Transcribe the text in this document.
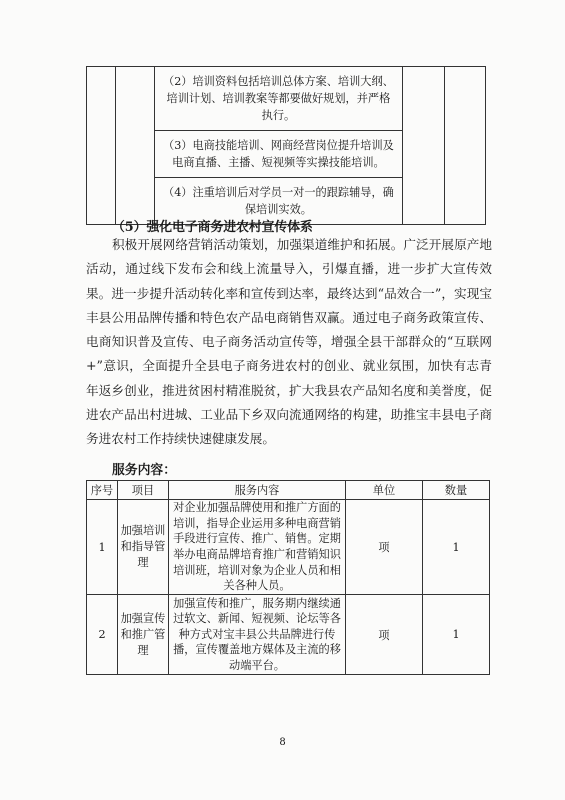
		（2）培训资料包括培训总体方案、培训大纲、培训计划、培训教案等都要做好规划，并严格执行。		
（3）电商技能培训、网商经营岗位提升培训及电商直播、主播、短视频等实操技能培训。
（4）注重培训后对学员一对一的跟踪辅导，确保培训实效。
（5）强化电子商务进农村宣传体系
积极开展网络营销活动策划，加强渠道维护和拓展。广泛开展原产地活动，通过线下发布会和线上流量导入，引爆直播，进一步扩大宣传效果。进一步提升活动转化率和宣传到达率，最终达到“品效合一”，实现宝丰县公用品牌传播和特色农产品电商销售双赢。通过电子商务政策宣传、电商知识普及宣传、电子商务活动宣传等，增强全县干部群众的“互联网+”意识，全面提升全县电子商务进农村的创业、就业氛围，加快有志青年返乡创业，推进贫困村精准脱贫，扩大我县农产品知名度和美誉度，促进农产品出村进城、工业品下乡双向流通网络的构建，助推宝丰县电子商务进农村工作持续快速健康发展。
服务内容：
序号	项目	服务内容	单位	数量
1	加强培训和指导管理	对企业加强品牌使用和推广方面的培训，指导企业运用多种电商营销手段进行宣传、推广、销售。定期举办电商品牌培育推广和营销知识培训班，培训对象为企业人员和相关各种人员。	项	1
2	加强宣传和推广管理	加强宣传和推广，服务期内继续通过软文、新闻、短视频、论坛等各种方式对宝丰县公共品牌进行传播，宣传覆盖地方媒体及主流的移动端平台。	项	1
8
